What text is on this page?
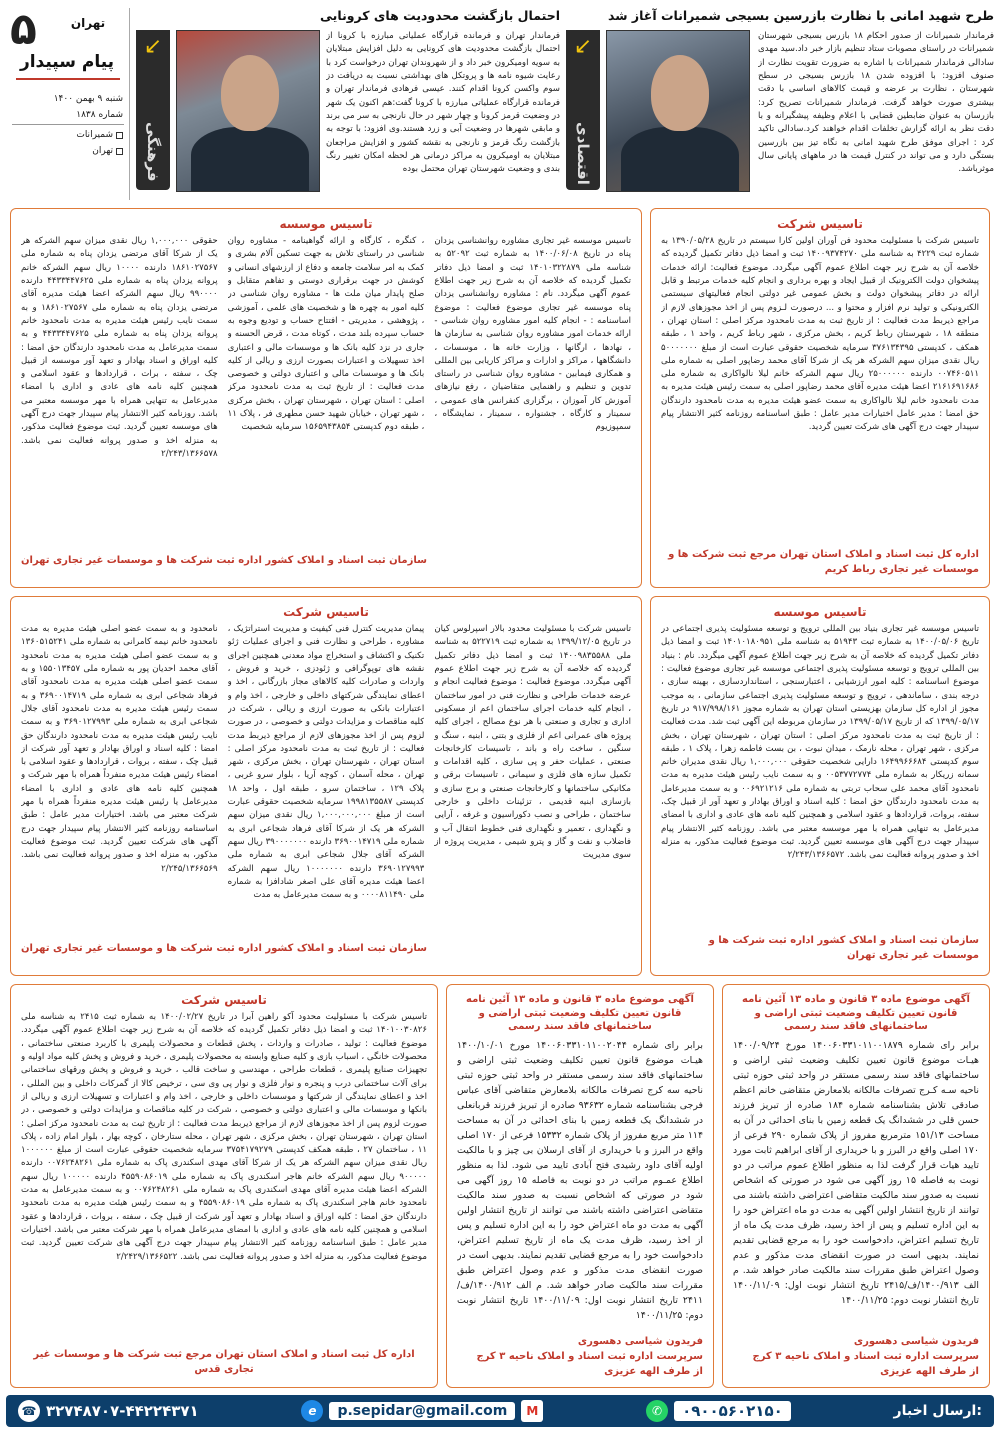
۵	تهران
پیام سپیدار
شنبه ۹ بهمن ۱۴۰۰
شماره ۱۸۳۸
شمیرانات
تهران
طرح شهید امانی با نظارت بازرسین بسیجی شمیرانات آغاز شد
فرماندار شمیرانات از صدور احکام ۱۸ بازرس بسیجی شهرستان شمیرانات در راستای مصوبات ستاد تنظیم بازار خبر داد.سید مهدی سادالی فرماندار شمیرانات با اشاره به ضرورت تقویت نظارت از صنوف افزود: با افزوده شدن ۱۸ بازرس بسیجی در سطح شهرستان ، نظارت بر عرضه و قیمت کالاهای اساسی با دقت بیشتری صورت خواهد گرفت. فرماندار شمیرانات تصریح کرد: بازرسان به عنوان ضابطین قضایی با اعلام وظیفه پیشگیرانه و با دقت نظر به ارائه گزارش تخلفات اقدام خواهند کرد.سادالی تاکید کرد : اجرای موفق طرح شهید امانی به نگاه تیز بین بازرسین بستگی دارد و می تواند در کنترل قیمت ها در ماههای پایانی سال موثرباشد.
↙
اقتصادی
احتمال بازگشت محدودیت های کرونایی
فرماندار تهران و فرمانده قرارگاه عملیاتی مبارزه با کرونا از احتمال بازگشت محدودیت های کرونایی به دلیل افزایش مبتلایان به سویه اومیکرون خبر داد و از شهروندان تهران درخواست کرد با رعایت شیوه نامه ها و پروتکل های بهداشتی نسبت به دریافت دز سوم واکسن کرونا اقدام کنند. عیسی فرهادی فرماندار تهران و فرمانده قرارگاه عملیاتی مبارزه با کرونا گفت:هم اکنون یک شهر در وضعیت قرمز کرونا و چهار شهر در حال نارنجی به سر می برند و مابقی شهرها در وضعیت آبی و زرد هستند.وی افزود: با توجه به بازگشت رنگ قرمز و نارنجی به نقشه کشور و افزایش مراجعان مبتلایان به اومیکرون به مراکز درمانی هر لحظه امکان تغییر رنگ بندی و وضعیت شهرستان تهران محتمل بوده
↙
فرهنگی
تاسیس شرکت
تاسیس شرکت با مسئولیت محدود فن آوران اولین کارا سیستم در تاریخ ۱۳۹۰/۰۵/۲۸ به شماره ثبت ۴۲۲۹ به شناسه ملی ۱۴۰۰۹۳۷۴۲۷۰ ثبت و امضا ذیل دفاتر تکمیل گردیده که خلاصه آن به شرح زیر جهت اطلاع عموم آگهی میگردد. موضوع فعالیت: ارائه خدمات پیشخوان دولت الکترونیک از قبیل ایجاد و بهره برداری و انجام کلیه خدمات مرتبط و قابل ارائه در دفاتر پیشخوان دولت و بخش عمومی غیر دولتی انجام فعالیتهای سیستمی الکترونیکی و تولید نرم افزار و محتوا و ... درصورت لـزوم پس از اخذ مجوزهای لازم از مراجع ذیربط مدت فعالیت : از تاریخ ثبت به مدت نامحدود مرکز اصلی : استان تهران ، منطقه ۱۸ ، شهرستان رباط کریم ، بخش مرکزی ، شهر رباط کریم ، واحد ۱ ، طبقه همکف ، کدپستی ۳۷۶۱۳۴۳۹۵ سرمایه شخصیت حقوقی عبارت است از مبلغ ۵۰۰۰۰۰۰۰ ریال نقدی میزان سهم الشرکه هر یک از شرکا آقای محمد رضاپور اصلی به شماره ملی ۰۰۷۴۶۰۵۱۱ دارنده ۲۵۰۰۰۰۰۰ ریال سهم الشرکه خانم لیلا نالواکاری به شماره ملی ۲۱۶۱۶۹۱۶۸۶ اعضا هیئت مدیره آقای محمد رضاپور اصلی به سمت رئیس هیئت مدیره به مدت نامحدود خانم لیلا نالواکاری به سمت عضو هیئت مدیره به مدت نامحدود دارندگان حق امضا : مدیر عامل اختیارات مدیر عامل : طبق اساسنامه روزنامه کثیر الانتشار پیام سپیدار جهت درج آگهی های شرکت تعیین گردید.
اداره کل ثبت اسناد و املاک استان تهران مرجع ثبت شرکت ها و موسسات غیر تجاری رباط کریم
تاسیس موسسه
تاسیس موسسه غیر تجاری مشاوره روانشناسی یزدان پناه در تاریخ ۱۴۰۰/۰۶/۰۸ به شماره ثبت ۵۲۰۹۲ به شناسه ملی ۱۴۰۱۰۳۲۲۸۷۹ ثبت و امضا ذیل دفاتر تکمیل گردیده که خلاصه آن به شرح زیر جهت اطلاع عموم آگهی میگردد. نام : مشاوره روانشناسی یزدان پناه موسسه غیر تجاری موضوع فعالیت : موضوع اساسنامه : - انجام کلیه امور مشاوره روان شناسی - ارائه خدمات امور مشاوره روان شناسی به سازمان ها ، نهادها ، ارگانها ، وزارت خانه ها ، موسسات ، دانشگاهها ، مراکز و ادارات و مراکز کاریابی بین المللی و همکاری فیمابین - مشاوره روان شناسی در راستای تدوین و تنظیم و راهنمایی متقاضیان ، رفع نیازهای آموزش کار آموزان ، برگزاری کنفرانس های عمومی ، سمینار و کارگاه ، جشنواره ، سمینار ، نمایشگاه ، سمپوزیوم
، کنگره ، کارگاه و ارائه گواهینامه - مشاوره روان شناسی در راستای تلاش به جهت تسکین آلام بشری و کمک به امر سلامت جامعه و دفاع از ارزشهای انسانی و کوشش در جهت برقراری دوستی و تفاهم متقابل و صلح پایدار میان ملت ها - مشاوره روان شناسی در کلیه امور به چهره ها و شخصیت های علمی ، آموزشی ، پژوهشی ، مدیریتی - افتتاح حساب و تودیع وجوه به حساب سپرده بلند مدت ، کوتاه مدت ، قرض الحسنه و جاری در نزد کلیه بانک ها و موسسات مالی و اعتباری اخذ تسهیلات و اعتبارات بصورت ارزی و ریالی از کلیه بانک ها و موسسات مالی و اعتباری دولتی و خصوصی مدت فعالیت : از تاریخ ثبت به مدت نامحدود مرکز اصلی : استان تهران ، شهرستان تهران ، بخش مرکزی ، شهر تهران ، خیابان شهید حسن مطهری فر ، پلاک ۱۱ ، طبقه دوم کدپستی ۱۵۶۵۹۴۳۸۵۴ سرمایه شخصیت
حقوقی ۱,۰۰۰,۰۰۰ ریال نقدی میزان سهم الشرکه هر یک از شرکا آقای مرتضی یزدان پناه به شماره ملی ۱۸۶۱۰۲۷۵۶۷ دارنده ۱۰۰۰۰ ریال سهم الشرکه خانم پروانه یزدان پناه به شماره ملی ۴۴۳۳۴۴۷۶۲۵ دارنده ۹۹۰۰۰۰ ریال سهم الشرکه اعضا هیئت مدیره آقای مرتضی یزدان پناه به شماره ملی ۱۸۶۱۰۲۷۵۶۷ و به سمت نایب رئیس هیئت مدیره به مدت نامحدود خانم پروانه یزدان پناه به شماره ملی ۴۴۳۳۴۴۷۶۲۵ و به سمت مدیرعامل به مدت نامحدود دارندگان حق امضا : کلیه اوراق و اسناد بهادار و تعهد آور موسسه از قبیل چک ، سفته ، برات ، قراردادها و عقود اسلامی و همچنین کلیه نامه های عادی و اداری با امضاء مدیرعامل به تنهایی همراه با مهر موسسه معتبر می باشد. روزنامه کثیر الانتشار پیام سپیدار جهت درج آگهی های موسسه تعیین گردید. ثبت موضوع فعالیت مذکور، به منزله اخذ و صدور پروانه فعالیت نمی باشد. ۲/۲۴۳/۱۳۶۶۵۷۸
سازمان ثبت اسناد و املاک کشور اداره ثبت شرکت ها و موسسات غیر تجاری تهران
تاسیس موسسه
تاسیس موسسه غیر تجاری بنیاد بین المللی ترویج و توسعه مسئولیت پذیری اجتماعی در تاریخ ۱۴۰۰/۰۵/۰۶ به شماره ثبت ۵۱۹۴۳ به شناسه ملی ۱۴۰۱۰۱۸۰۹۵۱ ثبت و امضا ذیل دفاتر تکمیل گردیده که خلاصه آن به شرح زیر جهت اطلاع عموم آگهی میگردد. نام : بنیاد بین المللی ترویج و توسعه مسئولیت پذیری اجتماعی موسسه غیر تجاری موضوع فعالیت : موضوع اساسنامه : کلیه امور ارزشیابی ، اعتبارسنجی ، استانداردسازی ، بهینه سازی ، درجه بندی ، ساماندهی ، ترویج و توسعه مسئولیت پذیری اجتماعی سازمانی ، به موجب مجوز از اداره کل سازمان بهزیستی استان تهران به شماره مجوز ۹۱۷/۹۹۸/۱۶۱ در تاریخ ۱۳۹۹/۰۵/۱۷ که از تاریخ ۱۳۹۹/۰۵/۱۷ در سازمان مربوطه این آگهی ثبت شد. مدت فعالیت : از تاریخ ثبت به مدت نامحدود مرکز اصلی : استان تهران ، شهرستان تهران ، بخش مرکزی ، شهر تهران ، محله نارمک ، میدان نبوت ، بن بست فاطمه زهرا ، پلاک ۱ ، طبقه سوم کدپستی ۱۶۴۹۹۶۶۶۸۴ دارایی شخصیت حقوقی ۱,۰۰۰,۰۰۰ ریال نقدی مدیران خانم سمانه زریکار به شماره ملی ۰۰۵۳۷۷۲۷۷۴ و به سمت نایب رئیس هیئت مدیره به مدت نامحدود آقای محمد علی سحاب تربتی به شماره ملی ۰۰۶۹۲۱۲۱۶ و به سمت مدیرعامل به مدت نامحدود دارندگان حق امضا : کلیه اسناد و اوراق بهادار و تعهد آور از قبیل چک، سفته، بروات، قراردادها و عقود اسلامی و همچنین کلیه نامه های عادی و اداری با امضای مدیرعامل به تنهایی همراه با مهر موسسه معتبر می باشد. روزنامه کثیر الانتشار پیام سپیدار جهت درج آگهی های موسسه تعیین گردید. ثبت موضوع فعالیت مذکور، به منزله اخذ و صدور پروانه فعالیت نمی باشد. ۲/۲۴۳/۱۳۶۶۵۷۲
سازمان ثبت اسناد و املاک کشور اداره ثبت شرکت ها و موسسات غیر تجاری تهران
تاسیس شرکت
تاسیس شرکت با مسئولیت محدود بالار اسپرلوس کیان در تاریخ ۱۳۹۹/۱۲/۰۵ به شماره ثبت ۵۲۲۷۱۹ به شناسه ملی ۱۴۰۰۹۸۳۵۵۸۸ ثبت و امضا ذیل دفاتر تکمیل گردیده که خلاصه آن به شرح زیر جهت اطلاع عموم آگهی میگردد. موضوع فعالیت : موضوع فعالیت انجام و عرضه خدمات طراحی و نظارت فنی در امور ساختمان ، انجام کلیه خدمات اجرای ساختمان اعم از مسکونی اداری و تجاری و صنعتی با هر نوع مصالح ، اجرای کلیه پروژه های عمرانی اعم از فلزی و بتنی ، ابنیه ، سنگ و سنگین ، ساخت راه و باند ، تاسیسات کارخانجات صنعتی ، عملیات حفر و پی سازی ، کلیه اقدامات و تکمیل سازه های فلزی و سیمانی ، تاسیسات برقی و مکانیکی ساختمانها و کارخانجات صنعتی و برج سازی و بازسازی ابنیه قدیمی ، تزئینات داخلی و خارجی ساختمان ، طراحی و نصب دکوراسیون و غرفه ، آرایی و نگهداری ، تعمیر و نگهداری فنی خطوط انتقال آب و فاضلاب و نفت و گاز و پترو شیمی ، مدیریت پروژه از سوی مدیریت
پیمان مدیریت کنترل فنی کیفیت و مدیریت استراتژیک ، مشاوره ، طراحی و نظارت فنی و اجرای عملیات ژئو تکنیک و اکتشاف و استخراج مواد معدنی همچنین اجرای نقشه های توپوگرافی و ژئودزی ، خرید و فروش ، واردات و صادرات کلیه کالاهای مجاز بازرگانی ، اخذ و اعطای نمایندگی شرکتهای داخلی و خارجی ، اخذ وام و اعتبارات بانکی به صورت ارزی و ریالی ، شرکت در کلیه مناقصات و مزایدات دولتی و خصوصی ، در صورت لزوم پس از اخذ مجوزهای لازم از مراجع ذیربط مدت فعالیت : از تاریخ ثبت به مدت نامحدود مرکز اصلی : استان تهران ، شهرستان تهران ، بخش مرکزی ، شهر تهران ، محله آسمان ، کوچه آریا ، بلوار سرو غربی ، پلاک ۱۲۹ ، ساختمان سرو ، طبقه اول ، واحد ۱۸ کدپستی ۱۹۹۸۱۳۵۵۸۷ سرمایه شخصیت حقوقی عبارت است از مبلغ ۱,۰۰۰,۰۰۰,۰۰۰ ریال نقدی میزان سهم الشرکه هر یک از شرکا آقای فرهاد شجاعی ابری به شماره ملی ۳۶۹۰۰۱۴۷۱۹ دارنده ۳۹۰۰۰۰۰۰۰ ریال سهم الشرکه آقای جلال شجاعی ابری به شماره ملی ۳۶۹۰۱۲۷۹۹۳ دارنده ۱۰۰۰۰۰۰۰ ریال سهم الشرکه اعضا هیئت مدیره آقای علی اصغر شادافزا به شماره ملی ۰۰۰۰۸۱۱۴۹۰ و به سمت مدیرعامل به مدت
نامحدود و به سمت عضو اصلی هیئت مدیره به مدت نامحدود خانم نیمه کامرانی به شماره ملی ۱۳۶۰۵۱۵۲۴۱ و به سمت عضو اصلی هیئت مدیره به مدت نامحدود آقای محمد احدیان پور به شماره ملی ۱۵۵۰۱۳۴۵۷ و به سمت عضو اصلی هیئت مدیره به مدت نامحدود آقای فرهاد شجاعی ابری به شماره ملی ۳۶۹۰۰۱۴۷۱۹ و به سمت رئیس هیئت مدیره به مدت نامحدود آقای جلال شجاعی ابری به شماره ملی ۳۶۹۰۱۲۷۹۹۳ و به سمت نایب رئیس هیئت مدیره به مدت نامحدود دارندگان حق امضا : کلیه اسناد و اوراق بهادار و تعهد آور شرکت از قبیل چک ، سفته ، بروات ، قراردادها و عقود اسلامی با امضاء رئیس هیئت مدیره منفرداً همراه با مهر شرکت و همچنین کلیه نامه های عادی و اداری با امضاء مدیرعامل یا رئیس هیئت مدیره منفرداً همراه با مهر شرکت معتبر می باشد. اختیارات مدیر عامل : طبق اساسنامه روزنامه کثیر الانتشار پیام سپیدار جهت درج آگهی های شرکت تعیین گردید. ثبت موضوع فعالیت مذکور، به منزله اخذ و صدور پروانه فعالیت نمی باشد. ۲/۲۴۵/۱۳۶۶۵۶۹
سازمان ثبت اسناد و املاک کشور اداره ثبت شرکت ها و موسسات غیر تجاری تهران
آگهی موضوع ماده ۳ قانون و ماده ۱۳ آئین نامه قانون تعیین تکلیف وضعیت ثبتی اراضی و ساختمانهای فاقد سند رسمی
برابر رای شماره ۱۴۰۰۶۰۳۳۱۰۱۱۰۰۱۸۷۹ مورخ ۱۴۰۰/۰۹/۲۴ هیـات موضوع قانون تعیین تکلیف وضعیت ثبتی اراضی و ساختمانهای فاقد سند رسمی مستقر در واحد ثبتی حوزه ثبتی ناحیه سـه کـرج تصرفات مالکانه بلامعارض متقاضی خانم اعظم صادقی تلاش بشناسنامه شماره ۱۸۴ صادره از تبریز فرزند حسن قلی در ششدانگ یک قطعه زمین با بنای احداثی در آن به مساحت ۱۵۱/۱۳ مترمربع مفروز از پلاک شماره ۲۹۰ فرعی از ۱۷۰ اصلی واقع در البرز و با خریداری از آقای ابراهیم ثابت مورد تایید هیات قرار گرفت لذا به منظور اطلاع عموم مراتب در دو نوبت به فاصله ۱۵ روز آگهی می شود در صورتی که اشخاص نسبت به صدور سند مالکیت متقاضی اعتراضی داشته باشند می توانند از تاریخ انتشار اولین آگهی به مدت دو ماه اعتراض خود را به این اداره تسلیم و پس از اخذ رسید، ظرف مدت یک ماه از تاریخ تسلیم اعتراض، دادخواست خود را به مرجع قضایی تقدیم نمایند. بدیهی است در صورت انقضای مدت مذکور و عدم وصول اعتراض طبق مقررات سند مالکیت صادر خواهد شد. م الف ۱۴۰۰/۹۱۳/ف/۲۴۱۵ تاریخ انتشار نوبت اول: ۱۴۰۰/۱۱/۰۹ تاریخ انتشار نوبت دوم: ۱۴۰۰/۱۱/۲۵
فریدون شیاسی دهسوری
سرپرست اداره ثبت اسناد و املاک ناحیه ۳ کرج
از طرف الهه عزیزی
آگهی موضوع ماده ۳ قانون و ماده ۱۳ آئین نامه قانون تعیین تکلیف وضعیت ثبتی اراضی و ساختمانهای فاقد سند رسمی
برابر رای شماره ۱۴۰۰۶۰۳۳۱۰۱۱۰۰۲۰۴۴ مورخ ۱۴۰۰/۱۰/۰۱ هیـات موضوع قانون تعیین تکلیف وضعیت ثبتی اراضی و ساختمانهای فاقد سند رسمی مستقر در واحد ثبتی حوزه ثبتی ناحیه سه کرج تصرفات مالکانه بلامعارض متقاضی آقای عباس فرجی بشناسنامه شماره ۹۳۶۳۲ صادره از تبریز فرزند قربانعلی در ششدانگ یک قطعه زمین با بنای احداثی در آن به مساحت ۱۱۴ متر مربع مفروز از پلاک شماره ۱۵۳۳۲ فرعی از ۱۷۰ اصلی واقع در البرز و با خریداری از آقای ارسلان بی چیز و با مالکیت اولیه آقای داود رشیدی فتح آبادی تایید می شود. لذا به منظور اطلاع عمـوم مراتب در دو نوبت به فاصله ۱۵ روز آگهی می شود در صورتی که اشخاص نسبت به صدور سند مالکیت متقاضی اعتراضی داشته باشند می توانند از تاریخ انتشار اولین آگهی به مدت دو ماه اعتراض خود را به این اداره تسلیم و پس از اخذ رسید، ظرف مدت یک ماه از تاریخ تسلیم اعتراض، دادخواست خود را به مرجع قضایی تقدیم نمایند. بدیهی است در صورت انقضای مدت مذکور و عدم وصول اعتراض طبق مقررات سند مالکیت صادر خواهد شد. م الف ۱۴۰۰/۹۱۲/ف/۲۴۱۱ تاریخ انتشار نوبت اول: ۱۴۰۰/۱۱/۰۹ تاریخ انتشار نوبت دوم: ۱۴۰۰/۱۱/۲۵
فریدون شیاسی دهسوری
سرپرست اداره ثبت اسناد و املاک ناحیه ۳ کرج
از طرف الهه عزیزی
تاسیس شرکت
تاسیس شرکت با مسئولیت محدود آکو راهین آبرا در تاریخ ۱۴۰۰/۰۲/۲۷ به شماره ثبت ۲۴۱۵ به شناسه ملی ۱۴۰۱۰۰۳۰۸۲۶ ثبت و امضا ذیل دفاتر تکمیل گردیده که خلاصه آن به شرح زیر جهت اطلاع عموم آگهی میگردد. موضوع فعالیت : تولید ، صادرات و واردات ، پخش قطعات و محصولات پلیمری با کاربرد صنعتی ساختمانی ، محصولات خانگی ، اسباب بازی و کلیه صنایع وابسته به محصولات پلیمری ، خرید و فروش و پخش کلیه مواد اولیه و تجهیزات صنایع پلیمری ، قطعات طراحی ، مهندسی و ساخت قالب ، خرید و فروش و پخش ورقهای ساختمانی برای آلات ساختمانی درب و پنجره و نوار فلزی و نوار پی وی سی ، ترخیص کالا از گمرکات داخلی و بین المللی ، اخذ و اعطای نمایندگی از شرکتها و موسسات داخلی و خارجی ، اخذ وام و اعتبارات و تسهیلات ارزی و ریالی از بانکها و موسسات مالی و اعتباری دولتی و خصوصی ، شرکت در کلیه مناقصات و مزایدات دولتی و خصوصی ، در صورت لزوم پس از اخذ مجوزهای لازم از مراجع ذیربط مدت فعالیت : از تاریخ ثبت به مدت نامحدود مرکز اصلی : استان تهران ، شهرستان تهران ، بخش مرکزی ، شهر تهران ، محله ستارخان ، کوچه بهار ، بلوار امام زاده ، پلاک ۱۱ ، ساختمان ۲۷ ، طبقه همکف کدپستی ۳۷۵۴۱۷۹۲۷۹ سرمایه شخصیت حقوقی عبارت است از مبلغ ۱۰۰۰۰۰۰ ریال نقدی میزان سهم الشرکه هر یک از شرکا آقای مهدی اسکندری پاک به شماره ملی ۰۰۷۶۲۴۸۲۶۱ دارنده ۹۰۰۰۰۰ ریال سهم الشرکه خانم هاجر اسکندری پاک به شماره ملی ۴۵۵۹۰۸۶۰۱۹ دارنده ۱۰۰۰۰۰ ریال سهم الشرکه اعضا هیئت مدیره آقای مهدی اسکندری پاک به شماره ملی ۰۰۷۶۲۴۸۲۶۱ و به سمت مدیرعامل به مدت نامحدود خانم هاجر اسکندری پاک به شماره ملی ۴۵۵۹۰۸۶۰۱۹ و به سمت رئیس هیئت مدیره به مدت نامحدود دارندگان حق امضا : کلیه اوراق و اسناد بهادار و تعهد آور شرکت از قبیل چک ، سفته ، بروات ، قراردادها و عقود اسلامی و همچنین کلیه نامه های عادی و اداری با امضای مدیرعامل همراه با مهر شرکت معتبر می باشد. اختیارات مدیر عامل : طبق اساسنامه روزنامه کثیر الانتشار پیام سپیدار جهت درج آگهی های شرکت تعیین گردید. ثبت موضوع فعالیت مذکور، به منزله اخذ و صدور پروانه فعالیت نمی باشد. ۲/۲۴۲۹/۱۳۶۶۵۲۲
اداره کل ثبت اسناد و املاک استان تهران مرجع ثبت شرکت ها و موسسات غیر تجاری قدس
☎ ۳۲۷۴۸۷۰۷-۴۴۲۲۴۳۷۱	e	p.sepidar@gmail.com	M	✆	۰۹۰۰۵۶۰۲۱۵۰	ارسال اخبار:
